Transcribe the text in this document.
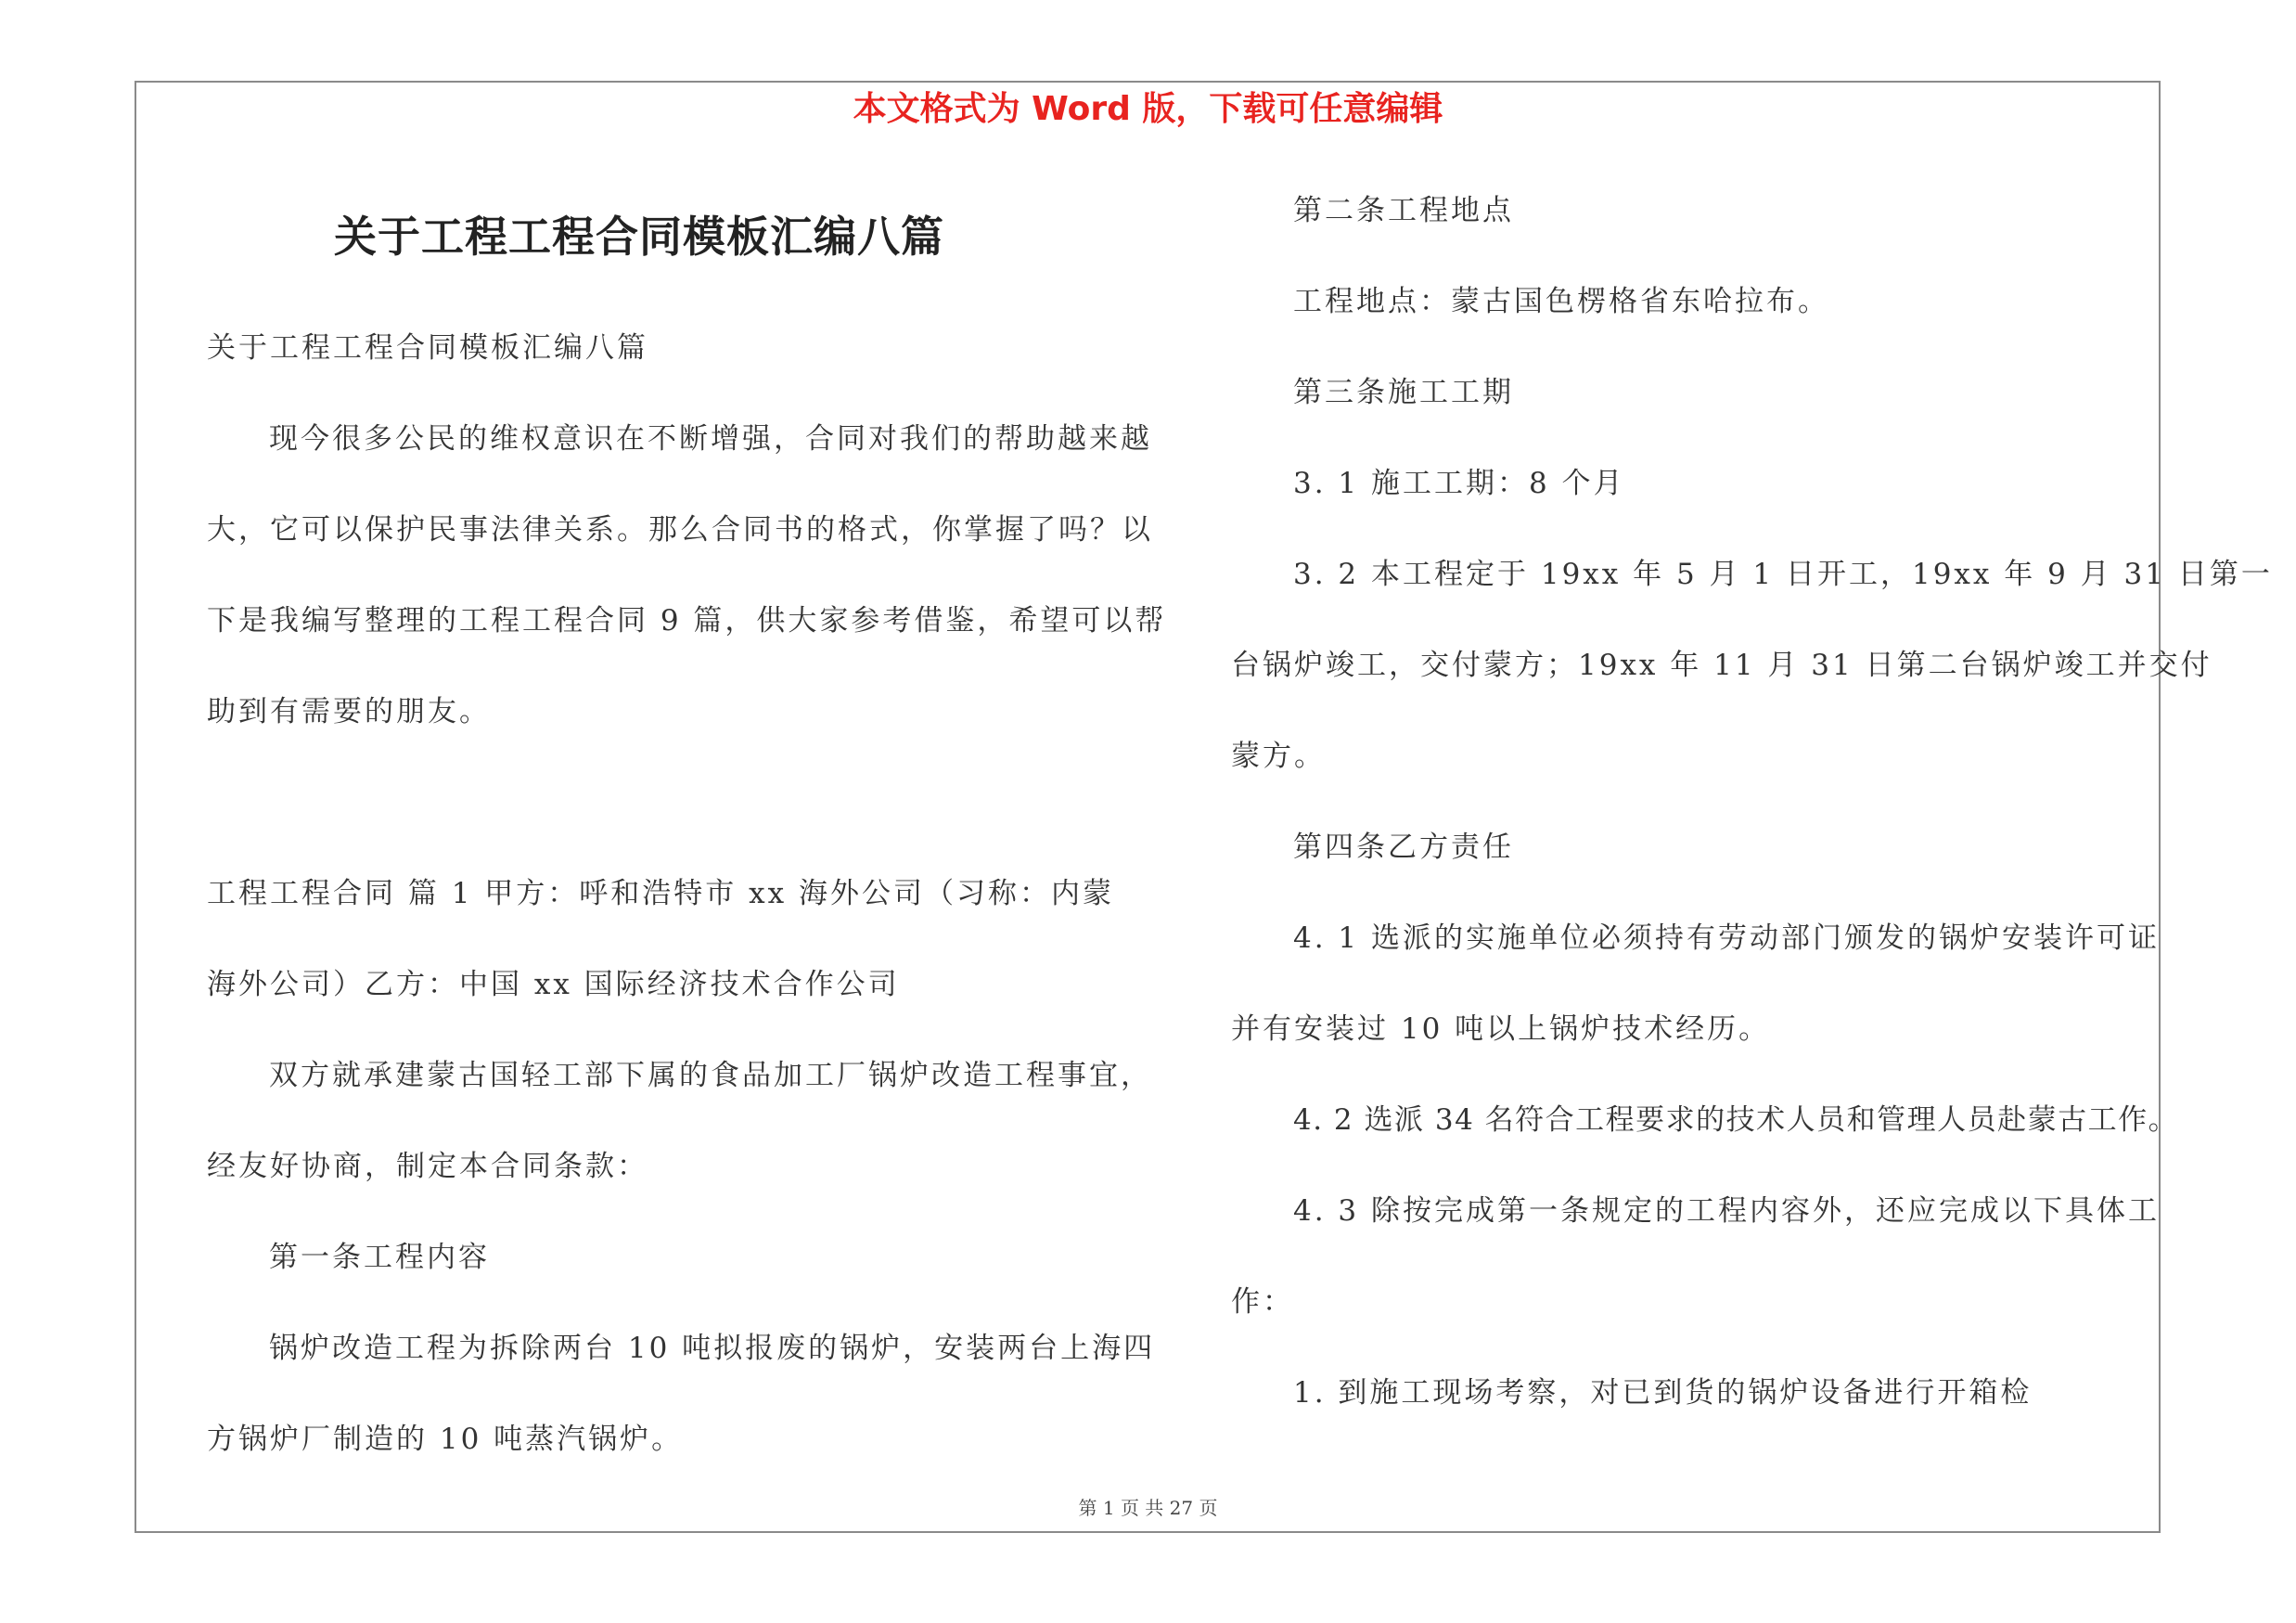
本文格式为 Word 版，下载可任意编辑
关于工程工程合同模板汇编八篇
关于工程工程合同模板汇编八篇
现今很多公民的维权意识在不断增强，合同对我们的帮助越来越
大，它可以保护民事法律关系。那么合同书的格式，你掌握了吗？以
下是我编写整理的工程工程合同 9 篇，供大家参考借鉴，希望可以帮
助到有需要的朋友。
工程工程合同 篇 1 甲方：呼和浩特市 xx 海外公司（习称：内蒙
海外公司）乙方：中国 xx 国际经济技术合作公司
双方就承建蒙古国轻工部下属的食品加工厂锅炉改造工程事宜，
经友好协商，制定本合同条款：
第一条工程内容
锅炉改造工程为拆除两台 10 吨拟报废的锅炉，安装两台上海四
方锅炉厂制造的 10 吨蒸汽锅炉。
第二条工程地点
工程地点：蒙古国色楞格省东哈拉布。
第三条施工工期
3. 1 施工工期：8 个月
3. 2 本工程定于 19xx 年 5 月 1 日开工，19xx 年 9 月 31 日第一
台锅炉竣工，交付蒙方；19xx 年 11 月 31 日第二台锅炉竣工并交付
蒙方。
第四条乙方责任
4. 1 选派的实施单位必须持有劳动部门颁发的锅炉安装许可证
并有安装过 10 吨以上锅炉技术经历。
4. 2 选派 34 名符合工程要求的技术人员和管理人员赴蒙古工作。
4. 3 除按完成第一条规定的工程内容外，还应完成以下具体工
作：
1. 到施工现场考察，对已到货的锅炉设备进行开箱检
第 1 页 共 27 页
